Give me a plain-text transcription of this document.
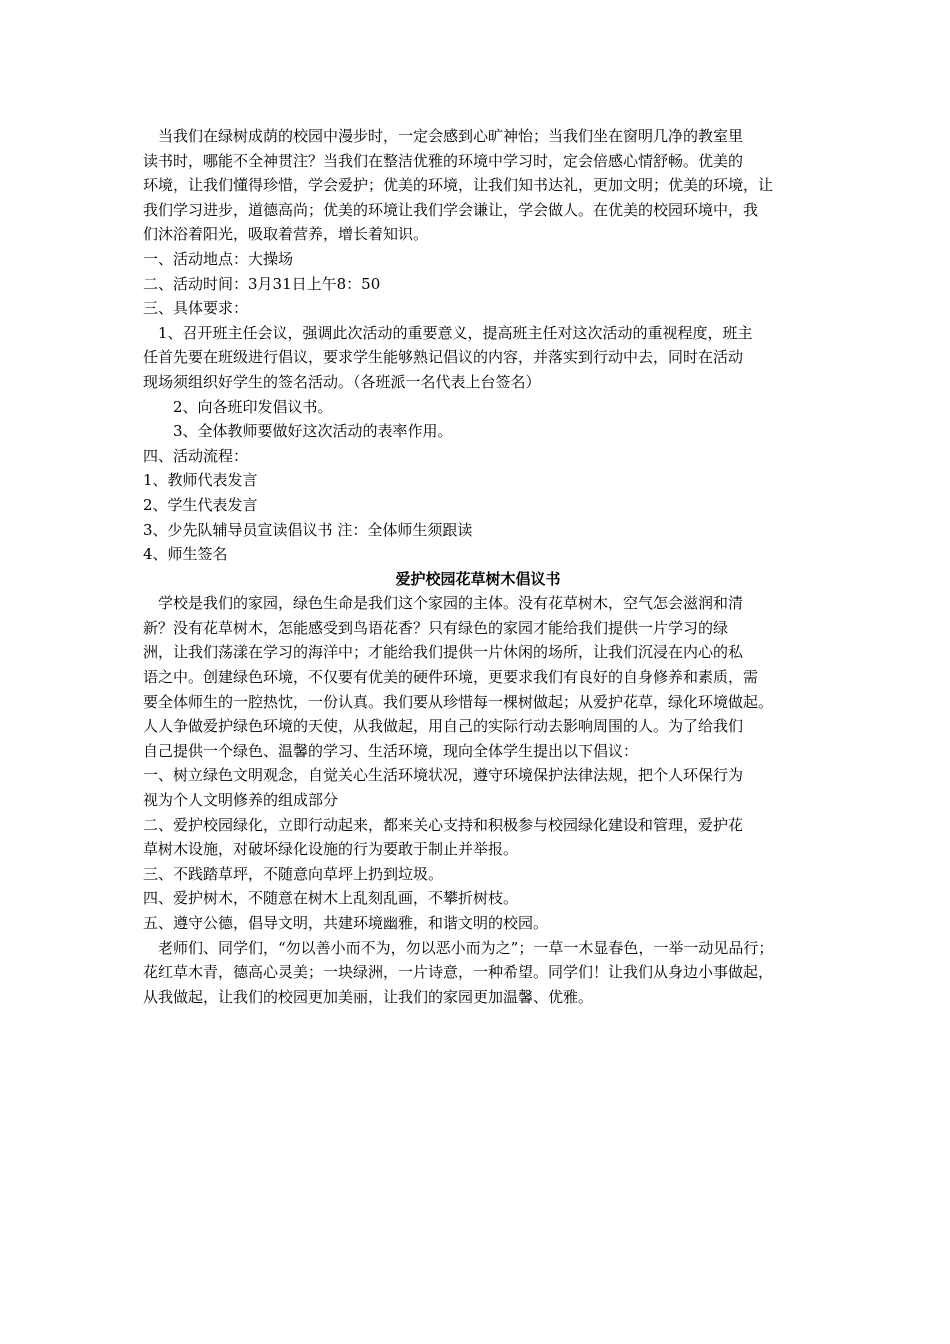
　当我们在绿树成荫的校园中漫步时，一定会感到心旷神怡；当我们坐在窗明几净的教室里
读书时，哪能不全神贯注？当我们在整洁优雅的环境中学习时，定会倍感心情舒畅。优美的
环境，让我们懂得珍惜，学会爱护；优美的环境，让我们知书达礼，更加文明；优美的环境，让
我们学习进步，道德高尚；优美的环境让我们学会谦让，学会做人。在优美的校园环境中，我
们沐浴着阳光，吸取着营养，增长着知识。
一、活动地点：大操场
二、活动时间：3月31日上午8：50
三、具体要求：
　1、召开班主任会议，强调此次活动的重要意义，提高班主任对这次活动的重视程度，班主
任首先要在班级进行倡议，要求学生能够熟记倡议的内容，并落实到行动中去，同时在活动
现场须组织好学生的签名活动。（各班派一名代表上台签名）
　　2、向各班印发倡议书。
　　3、全体教师要做好这次活动的表率作用。
四、活动流程：
1、教师代表发言
2、学生代表发言
3、少先队辅导员宣读倡议书 注：全体师生须跟读
4、师生签名
爱护校园花草树木倡议书
　学校是我们的家园，绿色生命是我们这个家园的主体。没有花草树木，空气怎会滋润和清
新？没有花草树木，怎能感受到鸟语花香？只有绿色的家园才能给我们提供一片学习的绿
洲，让我们荡漾在学习的海洋中；才能给我们提供一片休闲的场所，让我们沉浸在内心的私
语之中。创建绿色环境，不仅要有优美的硬件环境，更要求我们有良好的自身修养和素质，需
要全体师生的一腔热忱，一份认真。我们要从珍惜每一棵树做起；从爱护花草，绿化环境做起。
人人争做爱护绿色环境的天使，从我做起，用自己的实际行动去影响周围的人。为了给我们
自己提供一个绿色、温馨的学习、生活环境，现向全体学生提出以下倡议：
一、树立绿色文明观念，自觉关心生活环境状况，遵守环境保护法律法规，把个人环保行为
视为个人文明修养的组成部分
二、爱护校园绿化，立即行动起来，都来关心支持和积极参与校园绿化建设和管理，爱护花
草树木设施，对破坏绿化设施的行为要敢于制止并举报。
三、不践踏草坪，不随意向草坪上扔到垃圾。
四、爱护树木，不随意在树木上乱刻乱画，不攀折树枝。
五、遵守公德，倡导文明，共建环境幽雅，和谐文明的校园。
　老师们、同学们，“勿以善小而不为，勿以恶小而为之”；一草一木显春色，一举一动见品行；
花红草木青，德高心灵美；一块绿洲，一片诗意，一种希望。同学们！让我们从身边小事做起，
从我做起，让我们的校园更加美丽，让我们的家园更加温馨、优雅。
